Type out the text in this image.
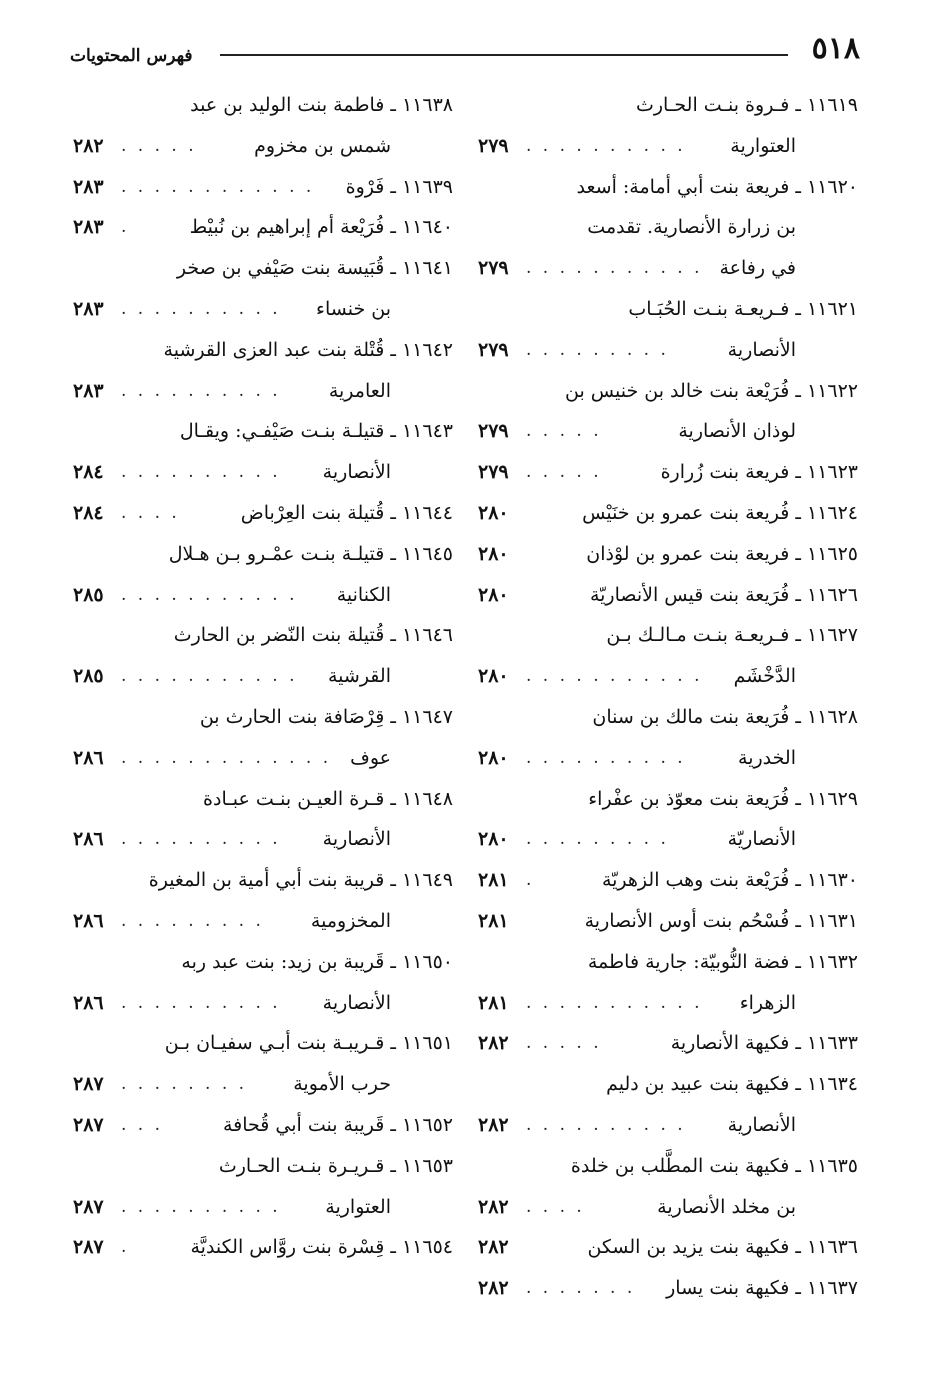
٥١٨
فهرس المحتويات
١١٦١٩ ـ فـروة بنـت الحـارث
العتوارية
. . . . . . . . . .
٢٧٩
١١٦٢٠ ـ فريعة بنت أبي أمامة: أسعد
بن زرارة الأنصارية. تقدمت
في رفاعة
. . . . . . . . . . .
٢٧٩
١١٦٢١ ـ فـريعـة بنـت الحُبَـاب
الأنصارية
. . . . . . . . .
٢٧٩
١١٦٢٢ ـ فُرَيْعة بنت خالد بن خنيس بن
لوذان الأنصارية
. . . . .
٢٧٩
١١٦٢٣ ـ فريعة بنت زُرارة
. . . . .
٢٧٩
١١٦٢٤ ـ فُريعة بنت عمرو بن خنَيْس
٢٨٠
١١٦٢٥ ـ فريعة بنت عمرو بن لوْذان
٢٨٠
١١٦٢٦ ـ فُرَيعة بنت قيس الأنصاريّة
٢٨٠
١١٦٢٧ ـ فـريعـة بنـت مـالـك بـن
الدَّخْشَم
. . . . . . . . . . .
٢٨٠
١١٦٢٨ ـ فُرَيعة بنت مالك بن سنان
الخدرية
. . . . . . . . . .
٢٨٠
١١٦٢٩ ـ فُرَيعة بنت معوّذ بن عفْراء
الأنصاريّة
. . . . . . . . .
٢٨٠
١١٦٣٠ ـ فُرَيْعة بنت وهب الزهريّة
.
٢٨١
١١٦٣١ ـ فُسْحُم بنت أوس الأنصارية
٢٨١
١١٦٣٢ ـ فضة النُّوبيّة: جارية فاطمة
الزهراء
. . . . . . . . . . .
٢٨١
١١٦٣٣ ـ فكيهة الأنصارية
. . . . .
٢٨٢
١١٦٣٤ ـ فكيهة بنت عبيد بن دليم
الأنصارية
. . . . . . . . . .
٢٨٢
١١٦٣٥ ـ فكيهة بنت المطَّلب بن خلدة
بن مخلد الأنصارية
. . . .
٢٨٢
١١٦٣٦ ـ فكيهة بنت يزيد بن السكن
٢٨٢
١١٦٣٧ ـ فكيهة بنت يسار
. . . . . . .
٢٨٢
١١٦٣٨ ـ فاطمة بنت الوليد بن عبد
شمس بن مخزوم
. . . . .
٢٨٢
١١٦٣٩ ـ فَرْوة
. . . . . . . . . . . .
٢٨٣
١١٦٤٠ ـ فُرَيْعة أم إبراهيم بن نُبيْط
.
٢٨٣
١١٦٤١ ـ قُبَيسة بنت صَيْفي بن صخر
بن خنساء
. . . . . . . . . .
٢٨٣
١١٦٤٢ ـ قُتْلة بنت عبد العزى القرشية
العامرية
. . . . . . . . . .
٢٨٣
١١٦٤٣ ـ قتيلـة بنـت صَيْفـي: ويقـال
الأنصارية
. . . . . . . . . .
٢٨٤
١١٦٤٤ ـ قُتيلة بنت العِرْباض
. . . .
٢٨٤
١١٦٤٥ ـ قتيلـة بنـت عمْـرو بـن هـلال
الكنانية
. . . . . . . . . . .
٢٨٥
١١٦٤٦ ـ قُتيلة بنت النّضر بن الحارث
القرشية
. . . . . . . . . . .
٢٨٥
١١٦٤٧ ـ قِرْصَافة بنت الحارث بن
عوف
. . . . . . . . . . . . .
٢٨٦
١١٦٤٨ ـ قـرة العيـن بنـت عبـادة
الأنصارية
. . . . . . . . . .
٢٨٦
١١٦٤٩ ـ قريبة بنت أبي أمية بن المغيرة
المخزومية
. . . . . . . . .
٢٨٦
١١٦٥٠ ـ قَريبة بن زيد: بنت عبد ربه
الأنصارية
. . . . . . . . . .
٢٨٦
١١٦٥١ ـ قـريبـة بنت أبـي سفيـان بـن
حرب الأموية
. . . . . . . .
٢٨٧
١١٦٥٢ ـ قَريبة بنت أبي قُحافة
. . .
٢٨٧
١١٦٥٣ ـ قـريـرة بنـت الحـارث
العتوارية
. . . . . . . . . .
٢٨٧
١١٦٥٤ ـ قِسْرة بنت روَّاس الكنديَّة
.
٢٨٧
